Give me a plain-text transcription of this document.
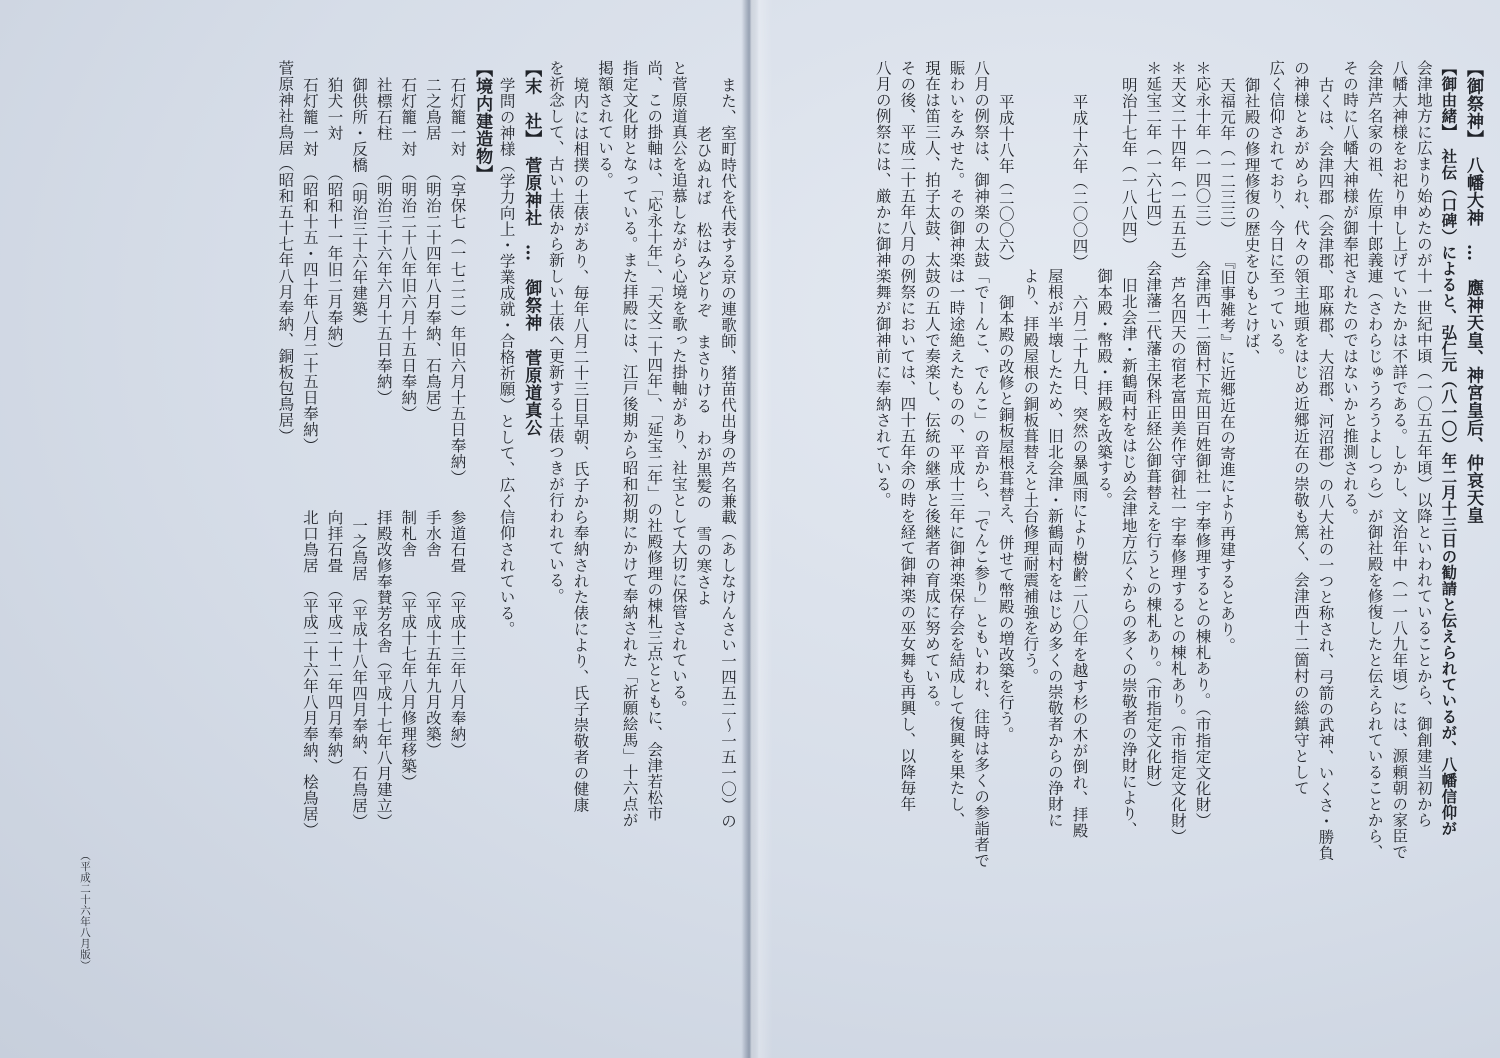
【御祭神】　八幡大神　…　應神天皇、神宮皇后、仲哀天皇
【御由緒】　社伝（口碑）によると、弘仁元（八一〇）年二月十三日の勧請と伝えられているが、八幡信仰が
会津地方に広まり始めたのが十一世紀中頃（一〇五五年頃）以降といわれていることから、御創建当初から
八幡大神様をお祀り申し上げていたかは不詳である。しかし、文治年中（一一八九年頃）には、源頼朝の家臣で
会津芦名家の祖、佐原十郎義連（さわらじゅうろうよしつら）が御社殿を修復したと伝えられていることから、
その時に八幡大神様が御奉祀されたのではないかと推測される。
古くは、会津四郡（会津郡、耶麻郡、大沼郡、河沼郡）の八大社の一つと称され、弓箭の武神、いくさ・勝負
の神様とあがめられ、代々の領主地頭をはじめ近郷近在の崇敬も篤く、会津西十二箇村の総鎮守として
広く信仰されており、今日に至っている。
御社殿の修理修復の歴史をひもとけば、
天福元年（一二三三）　　『旧事雑考』に近郷近在の寄進により再建するとあり。
＊応永十年（一四〇三）　　会津西十二箇村下荒田百姓御社一宇奉修理するとの棟札あり。（市指定文化財）
＊天文二十四年（一五五五）　芦名四天の宿老富田美作守御社一宇奉修理するとの棟札あり。（市指定文化財）
＊延宝二年（一六七四）　　会津藩二代藩主保科正経公御葺替えを行うとの棟札あり。（市指定文化財）
明治十七年（一八八四）　　旧北会津・新鶴両村をはじめ会津地方広くからの多くの崇敬者の浄財により、
　　　　　　　　　　　　　御本殿・幣殿・拝殿を改築する。
平成十六年（二〇〇四）　　六月二十九日、突然の暴風雨により樹齢二八〇年を越す杉の木が倒れ、拝殿
　　　　　　　　　　　　　屋根が半壊したため、旧北会津・新鶴両村をはじめ多くの崇敬者からの浄財に
　　　　　　　　　　　　　より、拝殿屋根の銅板葺替えと土台修理耐震補強を行う。
平成十八年（二〇〇六）　　御本殿の改修と銅板屋根葺替え、併せて幣殿の増改築を行う。
八月の例祭は、御神楽の太鼓「でーんこ、でんこ」の音から、「でんこ参り」ともいわれ、往時は多くの参詣者で
賑わいをみせた。その御神楽は一時途絶えたものの、平成十三年に御神楽保存会を結成して復興を果たし、
現在は笛三人、拍子太鼓、太鼓の五人で奏楽し、伝統の継承と後継者の育成に努めている。
その後、平成二十五年八月の例祭においては、四十五年余の時を経て御神楽の巫女舞も再興し、以降毎年
八月の例祭には、厳かに御神楽舞が御神前に奉納されている。
また、室町時代を代表する京の連歌師、猪苗代出身の芦名兼載（あしなけんさい一四五二～一五一〇）の
　　老ひぬれば　松はみどりぞ　まさりける　わが黒髪の　雪の寒さよ
と菅原道真公を追慕しながら心境を歌った掛軸があり、社宝として大切に保管されている。
尚、この掛軸は、「応永十年」、「天文二十四年」、「延宝二年」の社殿修理の棟札三点とともに、会津若松市
指定文化財となっている。また拝殿には、江戸後期から昭和初期にかけて奉納された「祈願絵馬」十六点が
掲額されている。
境内には相撲の土俵があり、毎年八月二十三日早朝、氏子から奉納された俵により、氏子崇敬者の健康
を祈念して、古い土俵から新しい土俵へ更新する土俵つきが行われている。
【末　社】　菅原神社　…　御祭神　菅原道真公
学問の神様（学力向上・学業成就・合格祈願）として、広く信仰されている。
【境内建造物】
石灯籠一対　（享保七（一七二二）年旧六月十五日奉納）　　参道石畳　（平成十三年八月奉納）
二之鳥居　　（明治二十四年八月奉納、石鳥居）　　　　　　手水舎　　（平成十五年九月改築）
石灯籠一対　（明治二十八年旧六月十五日奉納）　　　　　　制札舎　　（平成十七年八月修理移築）
社標石柱　　（明治三十六年六月十五日奉納）　　　　　　　拝殿改修奉賛芳名舎（平成十七年八月建立）
御供所・反橋（明治三十六年建築）　　　　　　　　　　　　一之鳥居　（平成十八年四月奉納、石鳥居）
狛犬一対　　（昭和十一年旧二月奉納）　　　　　　　　　　向拝石畳　（平成二十二年四月奉納）
石灯籠一対　（昭和十五・四十年八月二十五日奉納）　　　　北口鳥居　（平成二十六年八月奉納、桧鳥居）
菅原神社鳥居（昭和五十七年八月奉納、銅板包鳥居）
（平成二十六年八月版）
